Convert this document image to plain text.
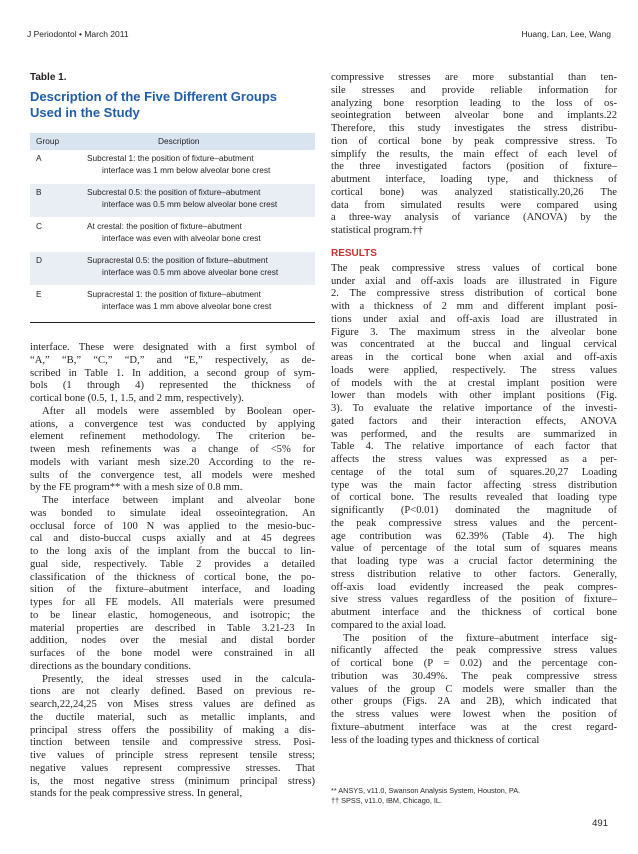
J Periodontol • March 2011	Huang, Lan, Lee, Wang
Table 1.
Description of the Five Different Groups
Used in the Study
Group	Description
A	Subcrestal 1: the position of fixture–abutment
interface was 1 mm below alveolar bone crest
B	Subcrestal 0.5: the position of fixture–abutment
interface was 0.5 mm below alveolar bone crest
C	At crestal: the position of fixture–abutment
interface was even with alveolar bone crest
D	Supracrestal 0.5: the position of fixture–abutment
interface was 0.5 mm above alveolar bone crest
E	Supracrestal 1: the position of fixture–abutment
interface was 1 mm above alveolar bone crest
interface. These were designated with a first symbol of
“A,” “B,” “C,” “D,” and “E,” respectively, as de-
scribed in Table 1. In addition, a second group of sym-
bols (1 through 4) represented the thickness of
cortical bone (0.5, 1, 1.5, and 2 mm, respectively).
After all models were assembled by Boolean oper-
ations, a convergence test was conducted by applying
element refinement methodology. The criterion be-
tween mesh refinements was a change of <5% for
models with variant mesh size.20 According to the re-
sults of the convergence test, all models were meshed
by the FE program** with a mesh size of 0.8 mm.
The interface between implant and alveolar bone
was bonded to simulate ideal osseointegration. An
occlusal force of 100 N was applied to the mesio-buc-
cal and disto-buccal cusps axially and at 45 degrees
to the long axis of the implant from the buccal to lin-
gual side, respectively. Table 2 provides a detailed
classification of the thickness of cortical bone, the po-
sition of the fixture–abutment interface, and loading
types for all FE models. All materials were presumed
to be linear elastic, homogeneous, and isotropic; the
material properties are described in Table 3.21-23 In
addition, nodes over the mesial and distal border
surfaces of the bone model were constrained in all
directions as the boundary conditions.
Presently, the ideal stresses used in the calcula-
tions are not clearly defined. Based on previous re-
search,22,24,25 von Mises stress values are defined as
the ductile material, such as metallic implants, and
principal stress offers the possibility of making a dis-
tinction between tensile and compressive stress. Posi-
tive values of principle stress represent tensile stress;
negative values represent compressive stresses. That
is, the most negative stress (minimum principal stress)
stands for the peak compressive stress. In general,
compressive stresses are more substantial than ten-
sile stresses and provide reliable information for
analyzing bone resorption leading to the loss of os-
seointegration between alveolar bone and implants.22
Therefore, this study investigates the stress distribu-
tion of cortical bone by peak compressive stress. To
simplify the results, the main effect of each level of
the three investigated factors (position of fixture–
abutment interface, loading type, and thickness of
cortical bone) was analyzed statistically.20,26 The
data from simulated results were compared using
a three-way analysis of variance (ANOVA) by the
statistical program.††
RESULTS
The peak compressive stress values of cortical bone
under axial and off-axis loads are illustrated in Figure
2. The compressive stress distribution of cortical bone
with a thickness of 2 mm and different implant posi-
tions under axial and off-axis load are illustrated in
Figure 3. The maximum stress in the alveolar bone
was concentrated at the buccal and lingual cervical
areas in the cortical bone when axial and off-axis
loads were applied, respectively. The stress values
of models with the at crestal implant position were
lower than models with other implant positions (Fig.
3). To evaluate the relative importance of the investi-
gated factors and their interaction effects, ANOVA
was performed, and the results are summarized in
Table 4. The relative importance of each factor that
affects the stress values was expressed as a per-
centage of the total sum of squares.20,27 Loading
type was the main factor affecting stress distribution
of cortical bone. The results revealed that loading type
significantly (P<0.01) dominated the magnitude of
the peak compressive stress values and the percent-
age contribution was 62.39% (Table 4). The high
value of percentage of the total sum of squares means
that loading type was a crucial factor determining the
stress distribution relative to other factors. Generally,
off-axis load evidently increased the peak compres-
sive stress values regardless of the position of fixture–
abutment interface and the thickness of cortical bone
compared to the axial load.
The position of the fixture–abutment interface sig-
nificantly affected the peak compressive stress values
of cortical bone (P = 0.02) and the percentage con-
tribution was 30.49%. The peak compressive stress
values of the group C models were smaller than the
other groups (Figs. 2A and 2B), which indicated that
the stress values were lowest when the position of
fixture–abutment interface was at the crest regard-
less of the loading types and thickness of cortical
** ANSYS, v11.0, Swanson Analysis System, Houston, PA.
†† SPSS, v11.0, IBM, Chicago, IL.
491
